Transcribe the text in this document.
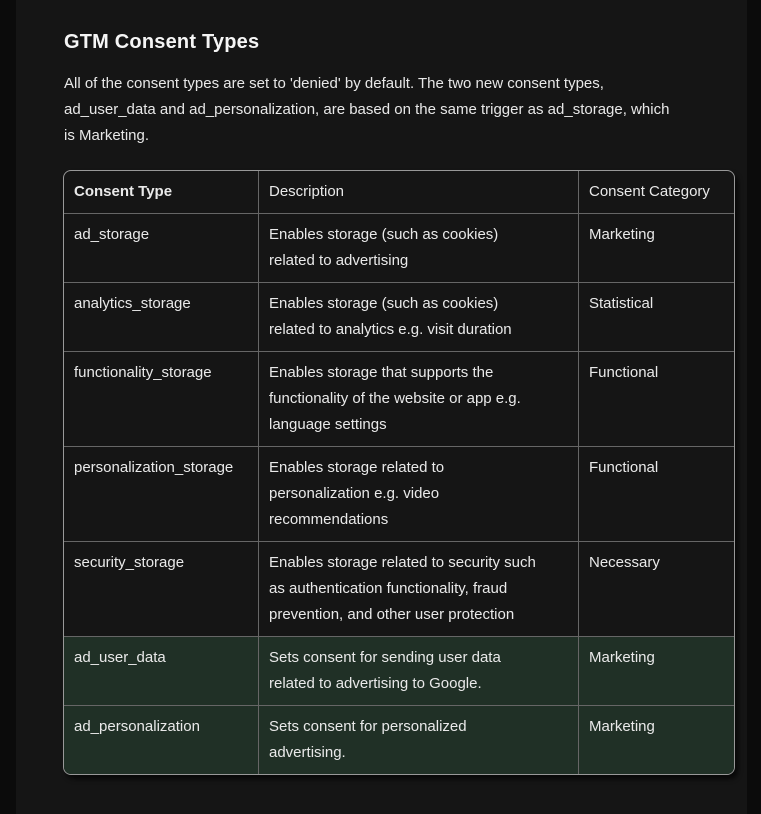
GTM Consent Types

All of the consent types are set to 'denied' by default. The two new consent types,
ad_user_data and ad_personalization, are based on the same trigger as ad_storage, which
is Marketing.

Consent Type	Description	Consent Category
ad_storage	Enables storage (such as cookies)
related to advertising	Marketing
analytics_storage	Enables storage (such as cookies)
related to analytics e.g. visit duration	Statistical
functionality_storage	Enables storage that supports the
functionality of the website or app e.g.
language settings	Functional
personalization_storage	Enables storage related to
personalization e.g. video
recommendations	Functional
security_storage	Enables storage related to security such
as authentication functionality, fraud
prevention, and other user protection	Necessary
ad_user_data	Sets consent for sending user data
related to advertising to Google.	Marketing
ad_personalization	Sets consent for personalized
advertising.	Marketing
